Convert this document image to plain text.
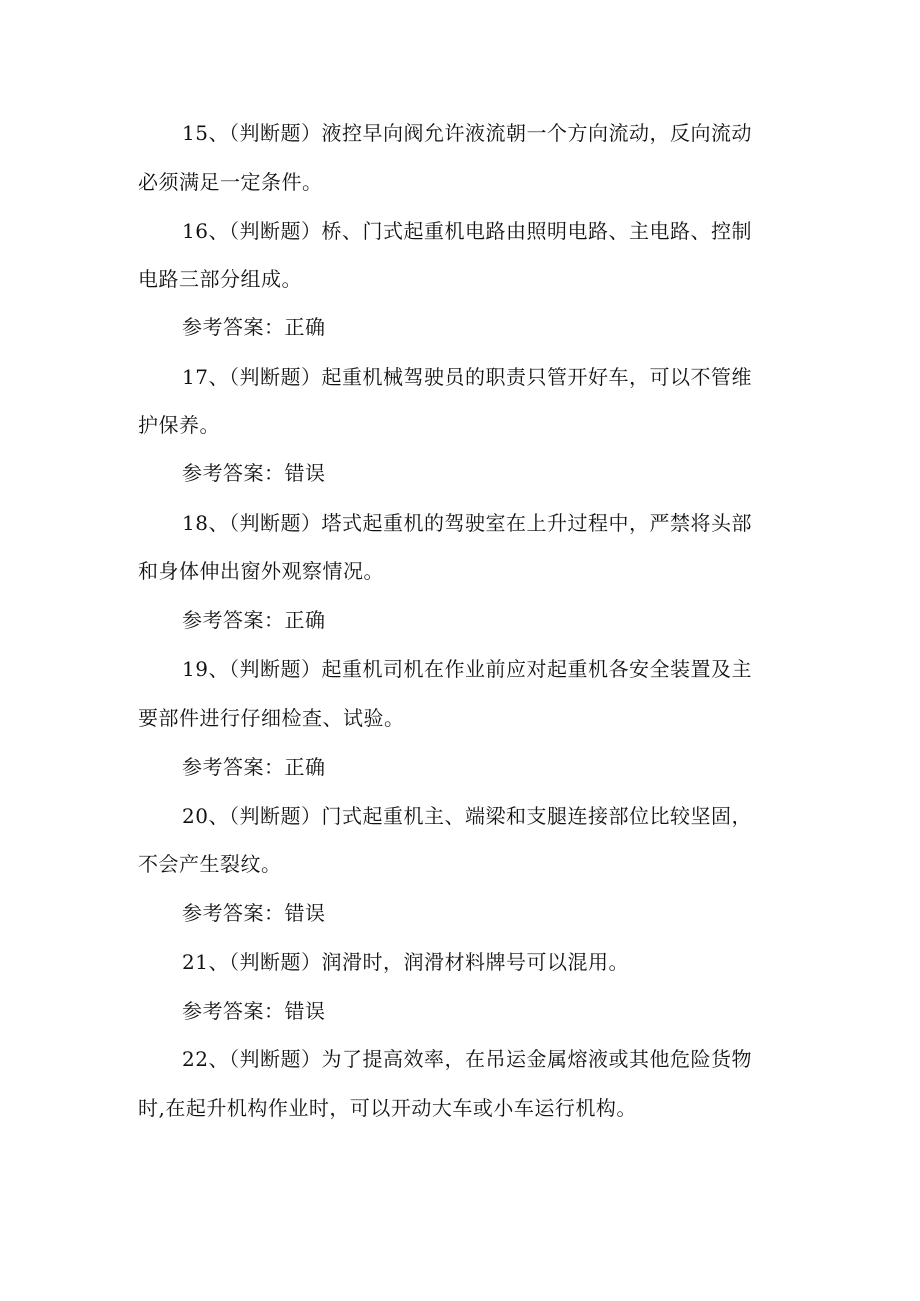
15、（判断题）液控早向阀允许液流朝一个方向流动，反向流动
必须满足一定条件。
16、（判断题）桥、门式起重机电路由照明电路、主电路、控制
电路三部分组成。
参考答案：正确
17、（判断题）起重机械驾驶员的职责只管开好车，可以不管维
护保养。
参考答案：错误
18、（判断题）塔式起重机的驾驶室在上升过程中，严禁将头部
和身体伸出窗外观察情况。
参考答案：正确
19、（判断题）起重机司机在作业前应对起重机各安全装置及主
要部件进行仔细检查、试验。
参考答案：正确
20、（判断题）门式起重机主、端梁和支腿连接部位比较坚固，
不会产生裂纹。
参考答案：错误
21、（判断题）润滑时，润滑材料牌号可以混用。
参考答案：错误
22、（判断题）为了提高效率，在吊运金属熔液或其他危险货物
时,在起升机构作业时，可以开动大车或小车运行机构。
